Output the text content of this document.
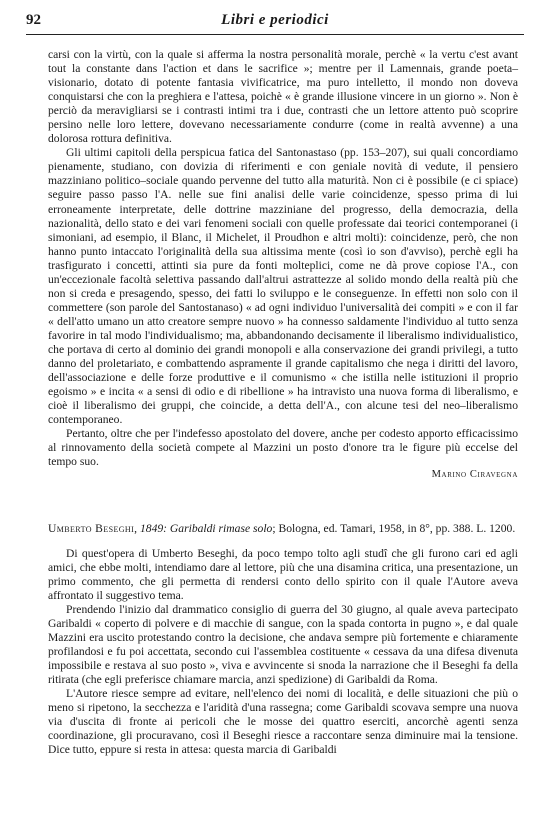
92	Libri e periodici

carsi con la virtù, con la quale si afferma la nostra personalità morale, perchè « la vertu c'est avant tout la constante dans l'action et dans le sacrifice »; mentre per il Lamennais, grande poeta–visionario, dotato di potente fantasia vivificatrice, ma puro intelletto, il mondo non doveva conquistarsi che con la preghiera e l'attesa, poichè « è grande illusione vincere in un giorno ». Non è perciò da meravigliarsi se i contrasti intimi tra i due, contrasti che un lettore attento può scoprire persino nelle loro lettere, dovevano necessariamente condurre (come in realtà avvenne) a una dolorosa rottura definitiva.

Gli ultimi capitoli della perspicua fatica del Santonastaso (pp. 153–207), sui quali concordiamo pienamente, studiano, con dovizia di riferimenti e con geniale novità di vedute, il pensiero mazziniano politico–sociale quando pervenne del tutto alla maturità. Non ci è possibile (e ci spiace) seguire passo passo l'A. nelle sue fini analisi delle varie coincidenze, spesso prima di lui erroneamente interpretate, delle dottrine mazziniane del progresso, della democrazia, della nazionalità, dello stato e dei vari fenomeni sociali con quelle professate dai teorici contemporanei (i simoniani, ad esempio, il Blanc, il Michelet, il Proudhon e altri molti): coincidenze, però, che non hanno punto intaccato l'originalità della sua altissima mente (così io son d'avviso), perchè egli ha trasfigurato i concetti, attinti sia pure da fonti molteplici, come ne dà prove copiose l'A., con un'eccezionale facoltà selettiva passando dall'altrui astrattezze al solido mondo della realtà più che non si creda e presagendo, spesso, dei fatti lo sviluppo e le conseguenze. In effetti non solo con il commettere (son parole del Santostanaso) « ad ogni individuo l'universalità dei compiti » e con il far « dell'atto umano un atto creatore sempre nuovo » ha connesso saldamente l'individuo al tutto senza favorire in tal modo l'individualismo; ma, abbandonando decisamente il liberalismo individualistico, che portava di certo al dominio dei grandi monopoli e alla conservazione dei grandi privilegi, a tutto danno del proletariato, e combattendo aspramente il grande capitalismo che nega i diritti del lavoro, dell'associazione e delle forze produttive e il comunismo « che istilla nelle istituzioni il proprio egoismo » e incita « a sensi di odio e di ribellione » ha intravisto una nuova forma di liberalismo, e cioè il liberalismo dei gruppi, che coincide, a detta dell'A., con alcune tesi del neo–liberalismo contemporaneo.

Pertanto, oltre che per l'indefesso apostolato del dovere, anche per codesto apporto efficacissimo al rinnovamento della società compete al Mazzini un posto d'onore tra le figure più eccelse del tempo suo.

Marino Ciravegna

Umberto Beseghi, 1849: Garibaldi rimase solo; Bologna, ed. Tamari, 1958, in 8°, pp. 388. L. 1200.

Di quest'opera di Umberto Beseghi, da poco tempo tolto agli studî che gli furono cari ed agli amici, che ebbe molti, intendiamo dare al lettore, più che una disamina critica, una presentazione, un primo commento, che gli permetta di rendersi conto dello spirito con il quale l'Autore aveva affrontato il suggestivo tema.

Prendendo l'inizio dal drammatico consiglio di guerra del 30 giugno, al quale aveva partecipato Garibaldi « coperto di polvere e di macchie di sangue, con la spada contorta in pugno », e dal quale Mazzini era uscito protestando contro la decisione, che andava sempre più fortemente e chiaramente profilandosi e fu poi accettata, secondo cui l'assemblea costituente « cessava da una difesa divenuta impossibile e restava al suo posto », viva e avvincente si snoda la narrazione che il Beseghi fa della ritirata (che egli preferisce chiamare marcia, anzi spedizione) di Garibaldi da Roma.

L'Autore riesce sempre ad evitare, nell'elenco dei nomi di località, e delle situazioni che più o meno si ripetono, la secchezza e l'aridità d'una rassegna; come Garibaldi scovava sempre una nuova via d'uscita di fronte ai pericoli che le mosse dei quattro eserciti, ancorchè agenti senza coordinazione, gli procuravano, così il Beseghi riesce a raccontare senza diminuire mai la tensione. Dice tutto, eppure si resta in attesa: questa marcia di Garibaldi
